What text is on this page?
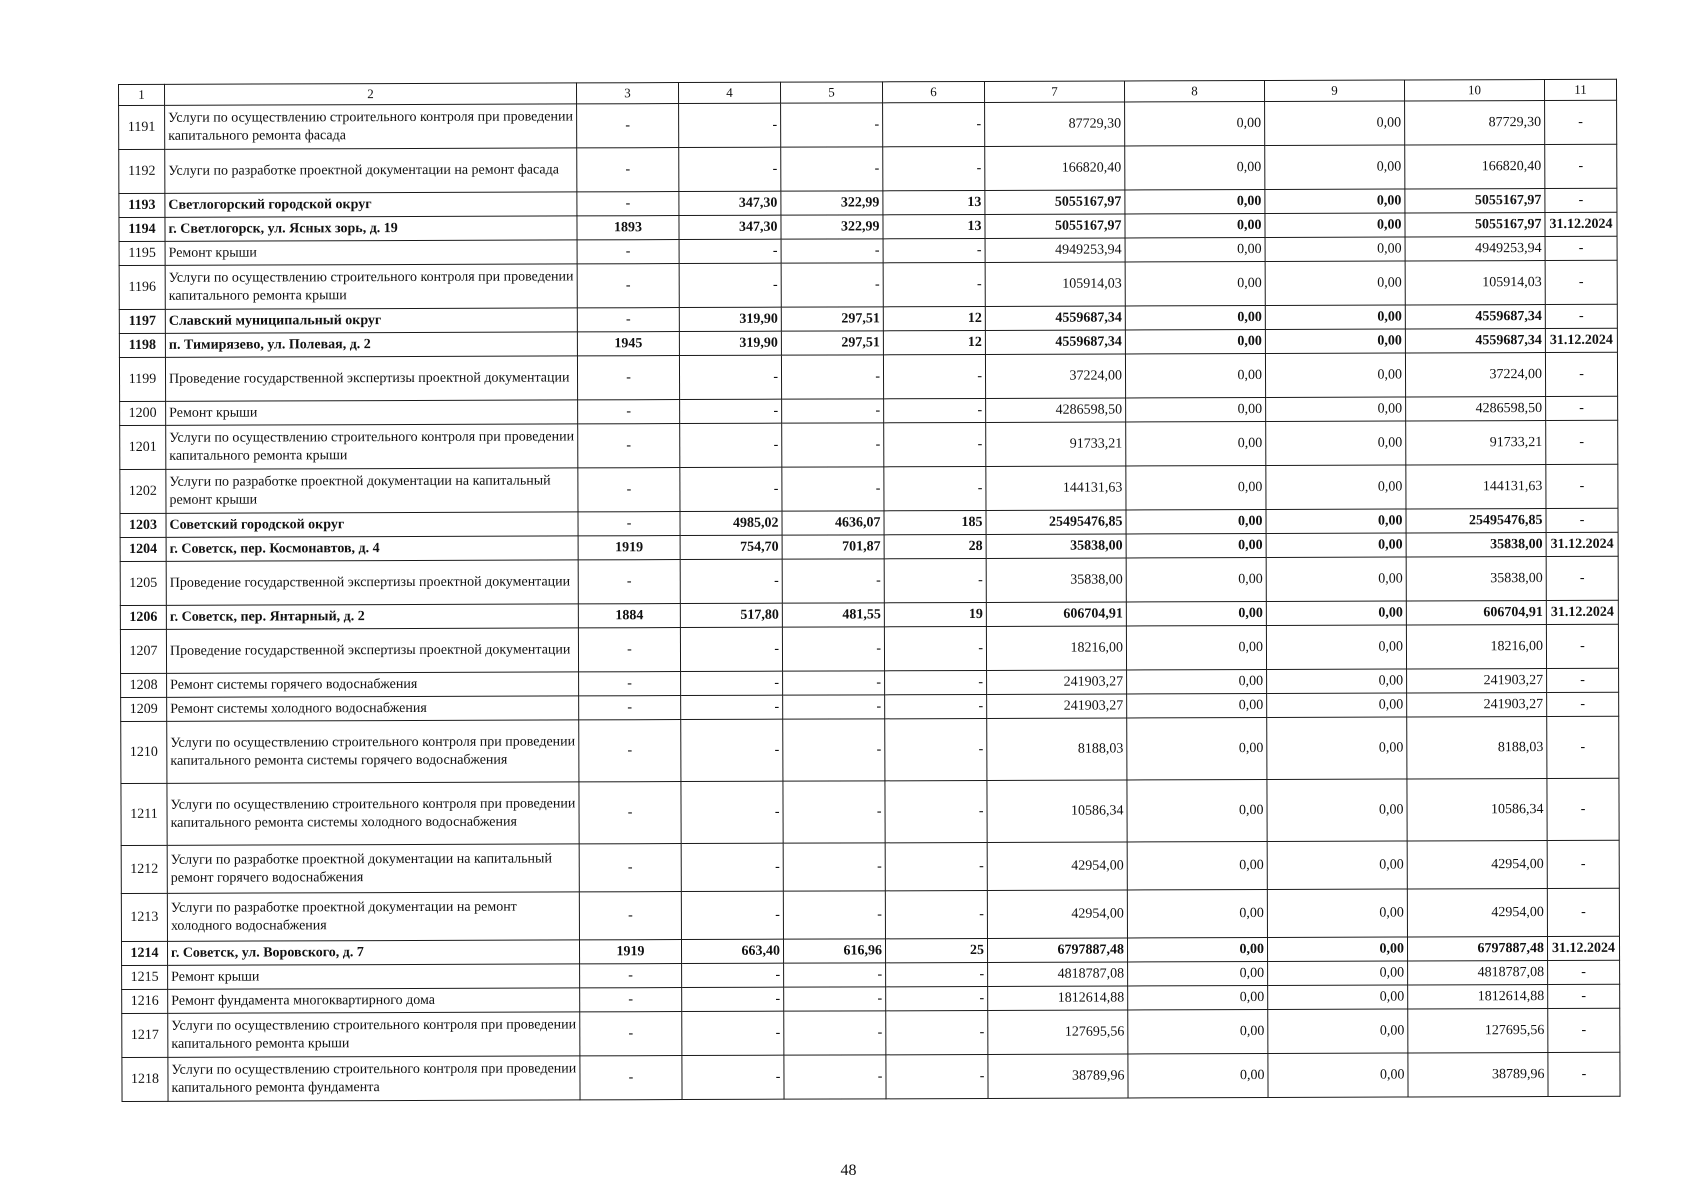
1	2	3	4	5	6	7	8	9	10	11
1191	Услуги по осуществлению строительного контроля при проведении капитального ремонта фасада	-	-	-	-	87729,30	0,00	0,00	87729,30	-
1192	Услуги по разработке проектной документации на ремонт фасада	-	-	-	-	166820,40	0,00	0,00	166820,40	-
1193	Светлогорский городской округ	-	347,30	322,99	13	5055167,97	0,00	0,00	5055167,97	-
1194	г. Светлогорск, ул. Ясных зорь, д. 19	1893	347,30	322,99	13	5055167,97	0,00	0,00	5055167,97	31.12.2024
1195	Ремонт крыши	-	-	-	-	4949253,94	0,00	0,00	4949253,94	-
1196	Услуги по осуществлению строительного контроля при проведении капитального ремонта крыши	-	-	-	-	105914,03	0,00	0,00	105914,03	-
1197	Славский муниципальный округ	-	319,90	297,51	12	4559687,34	0,00	0,00	4559687,34	-
1198	п. Тимирязево, ул. Полевая, д. 2	1945	319,90	297,51	12	4559687,34	0,00	0,00	4559687,34	31.12.2024
1199	Проведение государственной экспертизы проектной документации	-	-	-	-	37224,00	0,00	0,00	37224,00	-
1200	Ремонт крыши	-	-	-	-	4286598,50	0,00	0,00	4286598,50	-
1201	Услуги по осуществлению строительного контроля при проведении капитального ремонта крыши	-	-	-	-	91733,21	0,00	0,00	91733,21	-
1202	Услуги по разработке проектной документации на капитальный ремонт крыши	-	-	-	-	144131,63	0,00	0,00	144131,63	-
1203	Советский городской округ	-	4985,02	4636,07	185	25495476,85	0,00	0,00	25495476,85	-
1204	г. Советск, пер. Космонавтов, д. 4	1919	754,70	701,87	28	35838,00	0,00	0,00	35838,00	31.12.2024
1205	Проведение государственной экспертизы проектной документации	-	-	-	-	35838,00	0,00	0,00	35838,00	-
1206	г. Советск, пер. Янтарный, д. 2	1884	517,80	481,55	19	606704,91	0,00	0,00	606704,91	31.12.2024
1207	Проведение государственной экспертизы проектной документации	-	-	-	-	18216,00	0,00	0,00	18216,00	-
1208	Ремонт системы горячего водоснабжения	-	-	-	-	241903,27	0,00	0,00	241903,27	-
1209	Ремонт системы холодного водоснабжения	-	-	-	-	241903,27	0,00	0,00	241903,27	-
1210	Услуги по осуществлению строительного контроля при проведении капитального ремонта системы горячего водоснабжения	-	-	-	-	8188,03	0,00	0,00	8188,03	-
1211	Услуги по осуществлению строительного контроля при проведении капитального ремонта системы холодного водоснабжения	-	-	-	-	10586,34	0,00	0,00	10586,34	-
1212	Услуги по разработке проектной документации на капитальный ремонт горячего водоснабжения	-	-	-	-	42954,00	0,00	0,00	42954,00	-
1213	Услуги по разработке проектной документации на ремонт холодного водоснабжения	-	-	-	-	42954,00	0,00	0,00	42954,00	-
1214	г. Советск, ул. Воровского, д. 7	1919	663,40	616,96	25	6797887,48	0,00	0,00	6797887,48	31.12.2024
1215	Ремонт крыши	-	-	-	-	4818787,08	0,00	0,00	4818787,08	-
1216	Ремонт фундамента многоквартирного дома	-	-	-	-	1812614,88	0,00	0,00	1812614,88	-
1217	Услуги по осуществлению строительного контроля при проведении капитального ремонта крыши	-	-	-	-	127695,56	0,00	0,00	127695,56	-
1218	Услуги по осуществлению строительного контроля при проведении капитального ремонта фундамента	-	-	-	-	38789,96	0,00	0,00	38789,96	-
48
